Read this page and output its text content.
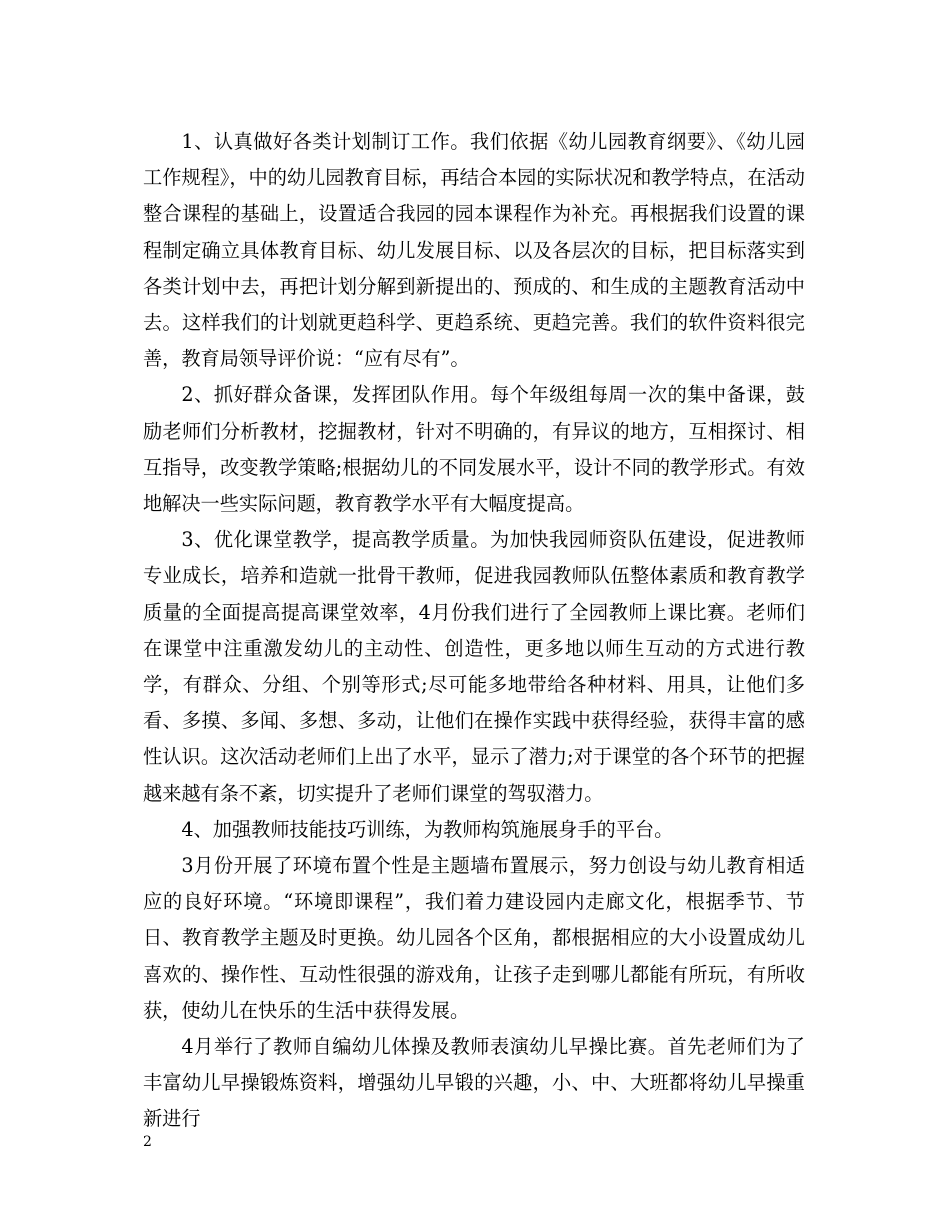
1、认真做好各类计划制订工作。我们依据《幼儿园教育纲要》、《幼儿园工作规程》，中的幼儿园教育目标，再结合本园的实际状况和教学特点，在活动整合课程的基础上，设置适合我园的园本课程作为补充。再根据我们设置的课程制定确立具体教育目标、幼儿发展目标、以及各层次的目标，把目标落实到各类计划中去，再把计划分解到新提出的、预成的、和生成的主题教育活动中去。这样我们的计划就更趋科学、更趋系统、更趋完善。我们的软件资料很完善，教育局领导评价说：“应有尽有”。

2、抓好群众备课，发挥团队作用。每个年级组每周一次的集中备课，鼓励老师们分析教材，挖掘教材，针对不明确的，有异议的地方，互相探讨、相互指导，改变教学策略;根据幼儿的不同发展水平，设计不同的教学形式。有效地解决一些实际问题，教育教学水平有大幅度提高。

3、优化课堂教学，提高教学质量。为加快我园师资队伍建设，促进教师专业成长，培养和造就一批骨干教师，促进我园教师队伍整体素质和教育教学质量的全面提高提高课堂效率，4月份我们进行了全园教师上课比赛。老师们在课堂中注重激发幼儿的主动性、创造性，更多地以师生互动的方式进行教学，有群众、分组、个别等形式;尽可能多地带给各种材料、用具，让他们多看、多摸、多闻、多想、多动，让他们在操作实践中获得经验，获得丰富的感性认识。这次活动老师们上出了水平，显示了潜力;对于课堂的各个环节的把握越来越有条不紊，切实提升了老师们课堂的驾驭潜力。

4、加强教师技能技巧训练，为教师构筑施展身手的平台。

3月份开展了环境布置个性是主题墙布置展示，努力创设与幼儿教育相适应的良好环境。“环境即课程”，我们着力建设园内走廊文化，根据季节、节日、教育教学主题及时更换。幼儿园各个区角，都根据相应的大小设置成幼儿喜欢的、操作性、互动性很强的游戏角，让孩子走到哪儿都能有所玩，有所收获，使幼儿在快乐的生活中获得发展。

4月举行了教师自编幼儿体操及教师表演幼儿早操比赛。首先老师们为了丰富幼儿早操锻炼资料，增强幼儿早锻的兴趣，小、中、大班都将幼儿早操重新进行

2
